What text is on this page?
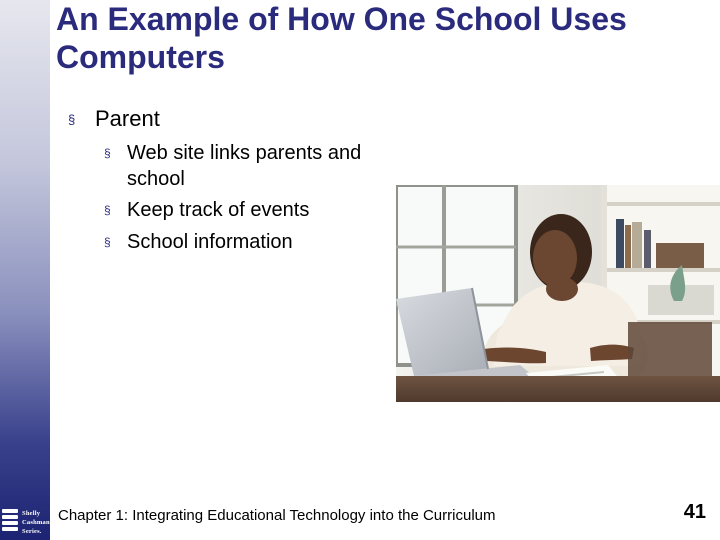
Shelly
Cashman
Series.
An Example of How One School Uses Computers
§ Parent
§ Web site links parents and school
§ Keep track of events
§ School information
Chapter 1: Integrating Educational Technology into the Curriculum	41
